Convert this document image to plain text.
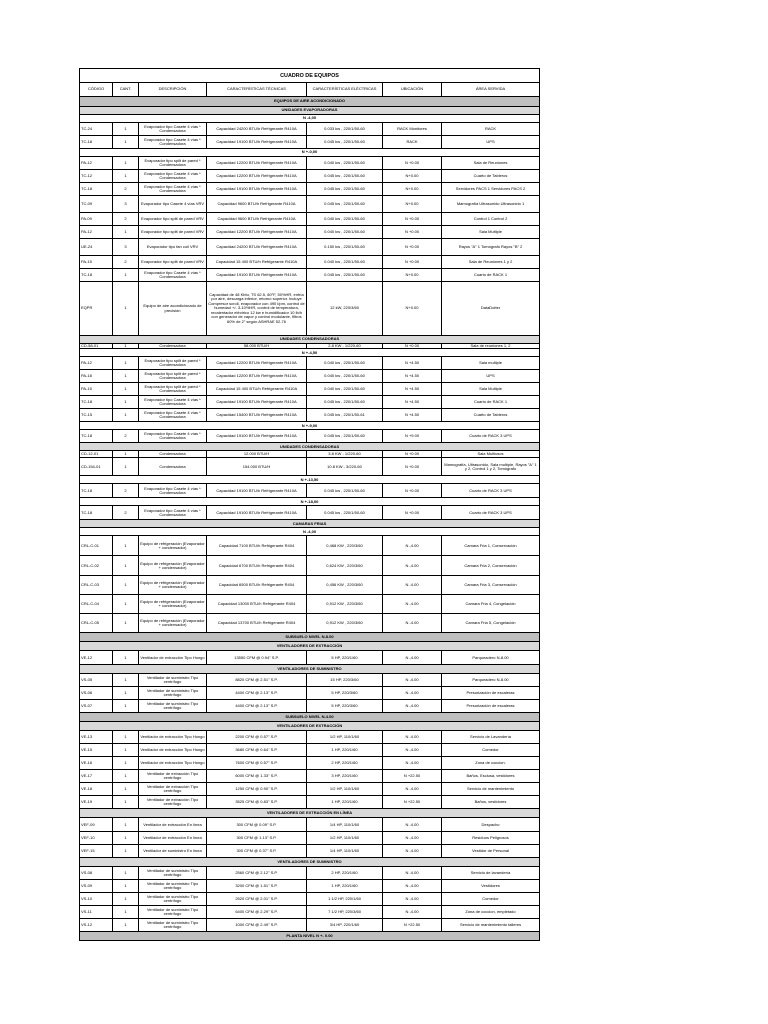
CUADRO DE EQUIPOS						
CÓDIGO	CANT.	DESCRIPCIÓN	CARACTERÍSTICAS TÉCNICAS	CARACTERÍSTICAS ELÉCTRICAS	UBICACIÓN	ÁREA SERVIDA
EQUIPOS DE AIRE ACONDICIONADO						
UNIDADES EVAPORADORAS						
N -4,00						
TC-24	1	Evaporador tipo Casete 4 vías * Condensadora	Capacidad 24200 BTU/h Refrigerante R410A	0.033 kw , 220/1/50-60	RACK Monitores	RACK
TC-18	1	Evaporador tipo Casete 4 vías * Condensadora	Capacidad 19100 BTU/h Refrigerante R410A	0.045 kw , 220/1/50-60	RACK	UPS
N +-0,00						
PA-12	1	Evaporador tipo split de pared * Condensadora	Capacidad 12200 BTU/h Refrigerante R410A	0.040 kw , 220/1/50-60	N +0.00	Sala de Reuniones
TC-12	1	Evaporador tipo Casete 4 vías * Condensadora	Capacidad 12200 BTU/h Refrigerante R410A	0.045 kw , 220/1/50-60	N+0.00	Cuarto de Tableros
TC-18	2	Evaporador tipo Casete 4 vías * Condensadora	Capacidad 19100 BTU/h Refrigerante R410A	0.045 kw , 220/1/50-60	N+0.00	Servidores PACS 1 Servidores PACS 2
TC-09	3	Evaporador tipo Casete 4 vías VRV	Capacidad 9600 BTU/h Refrigerante R410A	0.045 kw , 220/1/50-60	N+0.00	Mamografía Ultrasonido Ultrasonido 1
PA-09	2	Evaporador tipo split de pared VRV	Capacidad 9600 BTU/h Refrigerante R410A	0.040 kw , 220/1/50-60	N +0.00	Control 1 Control 2
PA-12	1	Evaporador tipo split de pared VRV	Capacidad 12200 BTU/h Refrigerante R410A	0.040 kw , 220/1/50-60	N +0.00	Sala Multiple
UE-24	3	Evaporador tipo fan coil VRV	Capacidad 24200 BTU/h Refrigerante R410A	0.150 kw , 220/1/50-60	N +0.00	Rayos "A" 1 Tomógrafo Rayos "B" 2
PA-15	2	Evaporador tipo split de pared VRV	Capacidad 15 400 BTU/h Refrigerante R410A	0.040 kw , 220/1/50-60	N +0.00	Sala de Reuniones 1 y 2
TC-18	1	Evaporador tipo Casete 4 vías * Condensadora	Capacidad 19100 BTU/h Refrigerante R410A	0.045 kw , 220/1/50-60	N+0.00	Cuarto de RACK 1
EQPR	1	Equipo de aire acondicionado de precisión	Capacidad de 48 Kbtu, TS 62.5, 80°F, 50%HR, enfría por aire, descarga inferior, retorno superior. Incluye Compresor scroll, evaporador con 490 l/pm, control de humedad +/- 3-10%HR, control de temperatura, recalentador eléctrico 12 kw e humidificador 10 lb/h con generador de vapor y control modulante, filtros 60% de 2" según ASHRAE 52-76	12 kW, 220/3/60	N+0.00	DataDotter
UNIDADES CONDENSADORAS						
CD-58-01	1	Condensadora	58.000 BTU/H	2.8 KW - 1/220-60	N +0.00	Sala de reuniones 1, 2
N +-4,50						
PA-12	1	Evaporador tipo split de pared * Condensadora	Capacidad 12200 BTU/h Refrigerante R410A	0.040 kw , 220/1/50-60	N +4.50	Sala multiple
PA-18	1	Evaporador tipo split de pared * Condensadora	Capacidad 12200 BTU/h Refrigerante R410A	0.040 kw , 220/1/50-60	N +4.50	UPS
PA-15	1	Evaporador tipo split de pared * Condensadora	Capacidad 15 400 BTU/h Refrigerante R410A	0.040 kw , 220/1/50-60	N +4.50	Sala Multiple
TC-18	1	Evaporador tipo Casete 4 vías * Condensadora	Capacidad 19100 BTU/h Refrigerante R410A	0.045 kw , 220/1/50-60	N +4.50	Cuarto de RACK 1
TC-15	1	Evaporador tipo Casete 4 vías * Condensadora	Capacidad 15400 BTU/h Refrigerante R410A	0.045 kw , 220/1/50-61	N +4.50	Cuarto de Tableros
N +-9,00						
TC-18	2	Evaporador tipo Casete 4 vías * Condensadora	Capacidad 19100 BTU/h Refrigerante R410A	0.045 kw , 220/1/50-60	N +9.00	Cuarto de RACK 3 UPS
UNIDADES CONDENSADORAS						
CD-12-01	1	Condensadora	12.000 BTU/H	3.8 KW - 1/220-60	N +0.00	Sala Multiusos
CD-154-01	1	Condensadora	154.000 BTU/H	10.8 KW - 3/220-60	N +0.00	Mamografía, Ultrasonido, Sala multiple, Rayos "A" 1 y 2, Control 1 y 2, Tomógrafo
N +-13,50						
TC-18	2	Evaporador tipo Casete 4 vías * Condensadora	Capacidad 19100 BTU/h Refrigerante R410A	0.045 kw , 220/1/50-60	N +0.00	Cuarto de RACK 3 UPS
N +-18,00						
TC-18	2	Evaporador tipo Casete 4 vías * Condensadora	Capacidad 19100 BTU/h Refrigerante R410A	0.045 kw , 220/1/50-60	N +0.00	Cuarto de RACK 3 UPS
CAMARAS FRIAS						
N -4,00						
CRL-C-01	1	Equipo de refrigeración (Evaporador + condensador)	Capacidad 7100 BTU/h Refrigerante R404	0,468 KW , 220/3/60	N -4.00	Camara Fria 1, Conservación
CRL-C-02	1	Equipo de refrigeración (Evaporador + condensador)	Capacidad 6700 BTU/h Refrigerante R404	0,624 KW , 220/3/60	N -4.00	Camara Fria 2, Conservación
CRL-C-03	1	Equipo de refrigeración (Evaporador + condensador)	Capacidad 6500 BTU/h Refrigerante R404	0,456 KW , 220/3/60	N -4.00	Camara Fria 3, Conservación
CRL-C-04	1	Equipo de refrigeración (Evaporador + condensador)	Capacidad 13000 BTU/h Refrigerante R404	0,912 KW , 220/3/60	N -4.00	Camara Fria 4, Congelación
CRL-C-05	1	Equipo de refrigeración (Evaporador + condensador)	Capacidad 13700 BTU/h Refrigerante R404	0,912 KW , 220/3/60	N -4.00	Camara Fria 5, Congelación
SUBSUELO NIVEL N-8.00						
VENTILADORES DE EXTRACCIÓN						
VE-12	1	Ventilador de extracción Tipo Hongo	13550 CFM @ 0.94" S.P.	5 HP, 220/1/60	N -4.00	Parqueadero N-8.00
VENTILADORES DE SUMINISTRO						
VS-05	1	Ventilador de suministro Tipo centrífugo	8820 CFM @ 2.51" S.P.	15 HP, 220/3/60	N -4.00	Parqueadero N-8.00
VS-06	1	Ventilador de suministro Tipo centrífugo	4400 CFM @ 2.13" S.P.	5 HP, 220/3/60	N -4.00	Presurización de escaleras
VS-07	1	Ventilador de suministro Tipo centrífugo	4400 CFM @ 2.13" S.P.	5 HP, 220/3/60	N -4.00	Presurización de escaleras
SUBSUELO NIVEL N-4.00						
VENTILADORES DE EXTRACCIÓN						
VE-13	1	Ventilador de extracción Tipo Hongo	2200 CFM @ 0.57" S.P.	1/2 HP, 110/1/60	N -4.00	Servicio de Lavandería
VE-15	1	Ventilador de extracción Tipo Hongo	3680 CFM @ 0.64" S.P.	1 HP, 220/1/60	N -4.00	Comedor
VE-16	1	Ventilador de extracción Tipo Hongo	7600 CFM @ 0.57" S.P.	2 HP, 220/1/60	N -4.00	Zona de coccion.
VE-17	1	Ventilador de extracción Tipo centrífugo	6000 CFM @ 1.33" S.P.	3 HP, 220/1/60	N +22.50	Baños, Esclusa, vestidores
VE-18	1	Ventilador de extracción Tipo centrífugo	1250 CFM @ 0.90" S.P.	1/2 HP, 110/1/60	N -4.00	Servicio de mantenimiento
VE-19	1	Ventilador de extracción Tipo centrífugo	3525 CFM @ 0.83" S.P.	1 HP, 220/1/60	N +22.50	Baños, vestidores
VENTILADORES DE EXTRACCIÓN EN LÍNEA						
VEF-09	1	Ventilador de extracción En línea	300 CFM @ 0.09" S.P.	1/4 HP, 110/1/60	N -4.00	Despacho
VEF-10	1	Ventilador de extracción En línea	300 CFM @ 1.13" S.P.	1/2 HP, 110/1/60	N -4.00	Residuos Peligrosos
VEF-15	1	Ventilador de suministro En línea	300 CFM @ 0.37" S.P.	1/4 HP, 110/1/60	N -4.00	Vestidor de Personal
VENTILADORES DE SUMINISTRO						
VS-08	1	Ventilador de suministro Tipo centrífugo	2560 CFM @ 2.12" S.P.	2 HP, 220/1/60	N -4.00	Servicio de lavandería
VS-09	1	Ventilador de suministro Tipo centrífugo	3200 CFM @ 1.51" S.P.	1 HP, 220/1/60	N -4.00	Vestidores
VS-10	1	Ventilador de suministro Tipo centrífugo	2520 CFM @ 2.01" S.P.	1 1/2 HP, 220/1/60	N -4.00	Comedor
VS-11	1	Ventilador de suministro Tipo centrífugo	6400 CFM @ 2.29" S.P.	7 1/2 HP, 220/3/60	N -4.00	Zona de coccion, empletado
VS-12	1	Ventilador de suministro Tipo centrífugo	1000 CFM @ 2.49" S.P.	3/4 HP, 220/1/60	N +22.50	Servicio de mantenimiento talleres
PLANTA NIVEL N +- 0.00						
